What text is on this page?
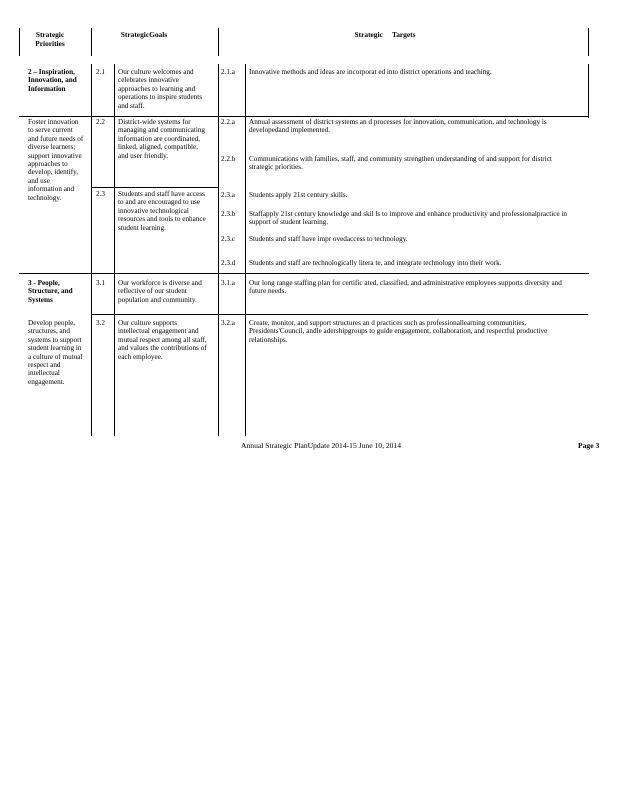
Strategic Priorities
StrategicGoals	Strategic     Targets
2 – Inspiration, Innovation, and Information
Foster innovation to serve current and future needs of diverse learners; support innovative approaches to develop, identify, and use information and technology.
3 - People, Structure, and Systems
Develop people, structures, and systems to support student learning in a culture of mutual respect and intellectual engagement.
2.1 Our culture welcomes and celebrates innovative approaches to learning and operations to inspire students and staff.
2.2 District-wide systems for managing and communicating information are coordinated, linked, aligned, compatible, and user friendly.
2.3 Students and staff have access to and are encouraged to use innovative technological resources and tools to enhance student learning.
3.1 Our workforce is diverse and reflective of our student population and community.
3.2 Our culture supports intellectual engagement and mutual respect among all staff, and values the contributions of each employee.
2.1.a Innovative methods and ideas are incorporat ed into district operations and teaching.
2.2.a Annual assessment of district systems an d processes for innovation, communication, and technology is developedand implemented.
2.2.b Communications with families, staff, and community strengthen understanding of and support for district strategic priorities.
2.3.a Students apply 21st century skills.
2.3.b Staffapply 21st century knowledge and skil ls to improve and enhance productivity and professionalpractice in support of student learning.
2.3.c Students and staff have impr ovedaccess to technology.
2.3.d Students and staff are technologically litera te, and integrate technology into their work.
3.1.a Our long range staffing plan for certific ated, classified, and administrative employees supports diversity and future needs.
3.2.a Create, monitor, and support structures an d practices such as professionallearning communities, Presidents'Council, andle adershipgroups to guide engagement, collaboration, and respectful productive relationships.
Annual Strategic PlanUpdate 2014-15 June 10, 2014	Page 3
